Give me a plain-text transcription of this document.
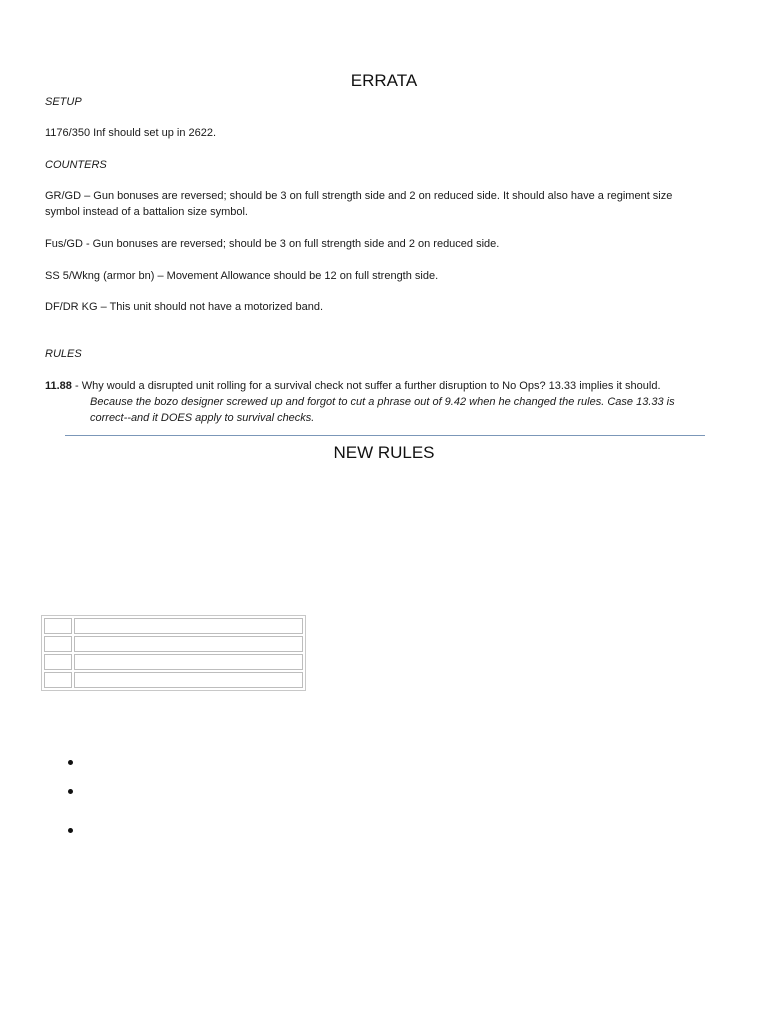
ERRATA

SETUP

1176/350 Inf should set up in 2622.

COUNTERS

GR/GD – Gun bonuses are reversed; should be 3 on full strength side and 2 on reduced side. It should also have a regiment size symbol instead of a battalion size symbol.

Fus/GD - Gun bonuses are reversed; should be 3 on full strength side and 2 on reduced side.

SS 5/Wkng (armor bn) – Movement Allowance should be 12 on full strength side.

DF/DR KG – This unit should not have a motorized band.

RULES

11.88 - Why would a disrupted unit rolling for a survival check not suffer a further disruption to No Ops? 13.33 implies it should.

Because the bozo designer screwed up and forgot to cut a phrase out of 9.42 when he changed the rules. Case 13.33 is correct--and it DOES apply to survival checks.

NEW RULES
